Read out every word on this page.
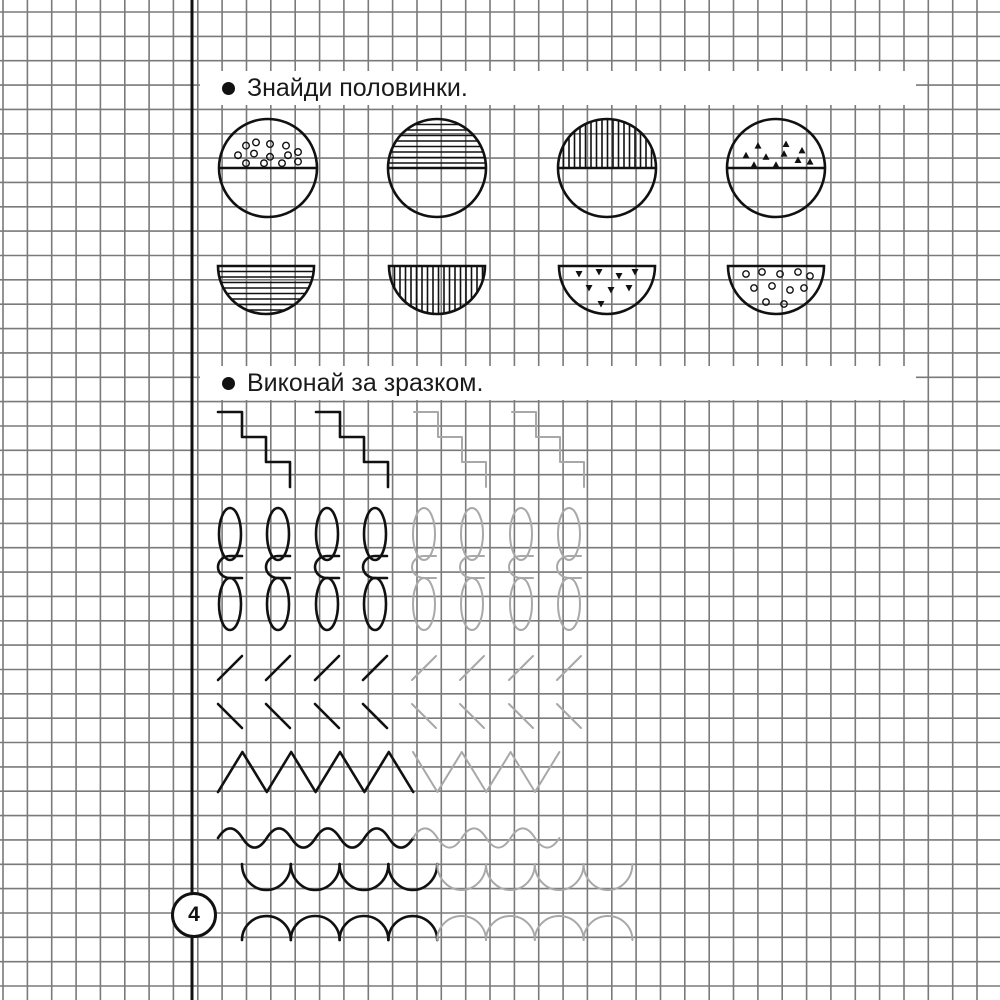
Знайди половинки.
Виконай за зразком.
4
